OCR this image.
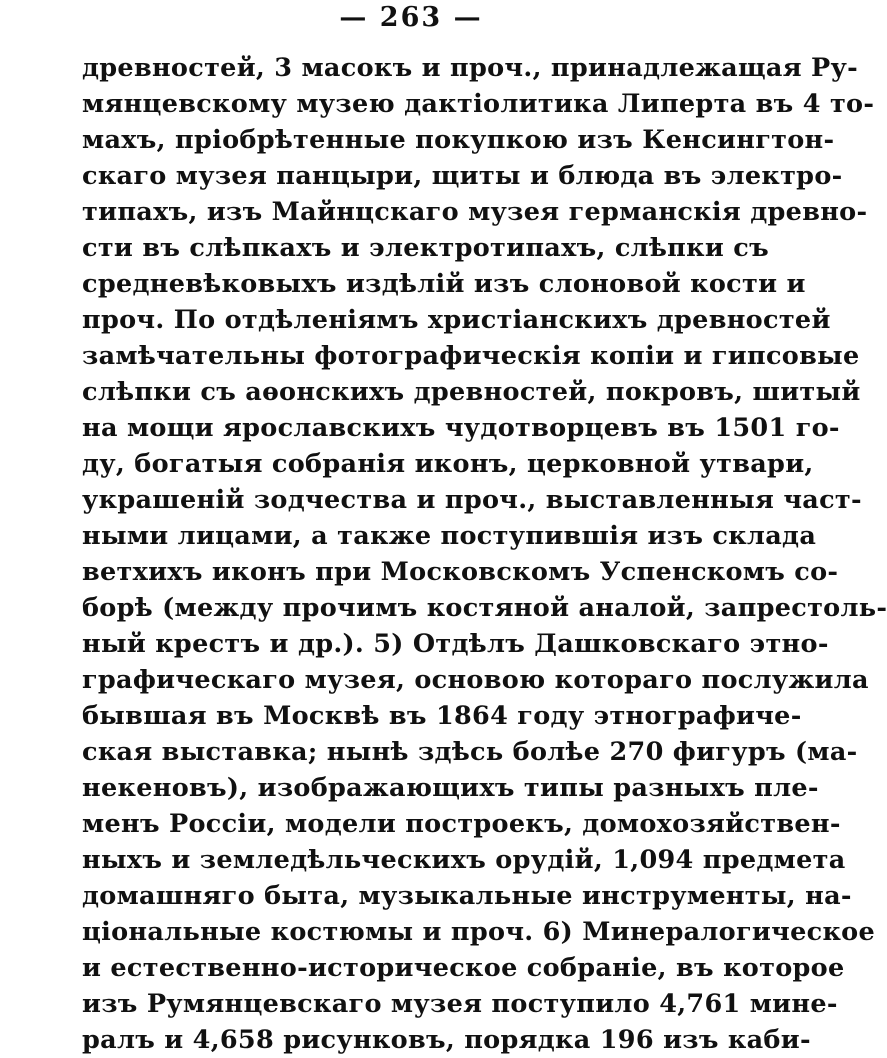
— 263 —
древностей, 3 масокъ и проч., принадлежащая Ру-
мянцевскому музею дактіолитика Липерта въ 4 то-
махъ, пріобрѣтенные покупкою изъ Кенсингтон-
скаго музея панцыри, щиты и блюда въ электро-
типахъ, изъ Майнцскаго музея германскія древно-
сти въ слѣпкахъ и электротипахъ, слѣпки съ
средневѣковыхъ издѣлій изъ слоновой кости и
проч. По отдѣленіямъ христіанскихъ древностей
замѣчательны фотографическія копіи и гипсовые
слѣпки съ аѳонскихъ древностей, покровъ, шитый
на мощи ярославскихъ чудотворцевъ въ 1501 го-
ду, богатыя собранія иконъ, церковной утвари,
украшеній зодчества и проч., выставленныя част-
ными лицами, а также поступившія изъ склада
ветхихъ иконъ при Московскомъ Успенскомъ со-
борѣ (между прочимъ костяной аналой, запрестоль-
ный крестъ и др.). 5) Отдѣлъ Дашковскаго этно-
графическаго музея, основою котораго послужила
бывшая въ Москвѣ въ 1864 году этнографиче-
ская выставка; нынѣ здѣсь болѣе 270 фигуръ (ма-
некеновъ), изображающихъ типы разныхъ пле-
менъ Россіи, модели построекъ, домохозяйствен-
ныхъ и земледѣльческихъ орудій, 1,094 предмета
домашняго быта, музыкальные инструменты, на-
ціональные костюмы и проч. 6) Минералогическое
и естественно-историческое собраніе, въ которое
изъ Румянцевскаго музея поступило 4,761 мине-
ралъ и 4,658 рисунковъ, порядка 196 изъ каби-
